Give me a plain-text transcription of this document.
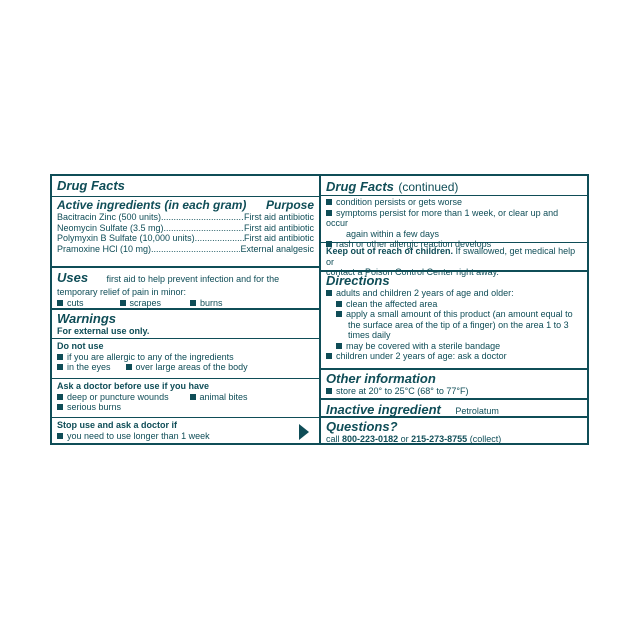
Drug Facts
Active ingredients (in each gram) Purpose
Bacitracin Zinc (500 units) .....	First aid antibiotic
Neomycin Sulfate (3.5 mg) .....	First aid antibiotic
Polymyxin B Sulfate (10,000 units) .....	First aid antibiotic
Pramoxine HCl (10 mg) .....	External analgesic
Uses first aid to help prevent infection and for the
temporary relief of pain in minor:
cuts	scrapes	burns
Warnings
For external use only.
Do not use
if you are allergic to any of the ingredients
in the eyes	over large areas of the body
Ask a doctor before use if you have
deep or puncture wounds	animal bites
serious burns
Stop use and ask a doctor if
you need to use longer than 1 week
Drug Facts (continued)
condition persists or gets worse
symptoms persist for more than 1 week, or clear up and occur
again within a few days
rash or other allergic reaction develops
Keep out of reach of children. If swallowed, get medical help or
contact a Poison Control Center right away.
Directions
adults and children 2 years of age and older:
clean the affected area
apply a small amount of this product (an amount equal to
the surface area of the tip of a finger) on the area 1 to 3
times daily
may be covered with a sterile bandage
children under 2 years of age: ask a doctor
Other information
store at 20° to 25°C (68° to 77°F)
Inactive ingredient Petrolatum
Questions?
call 800-223-0182 or 215-273-8755 (collect)
